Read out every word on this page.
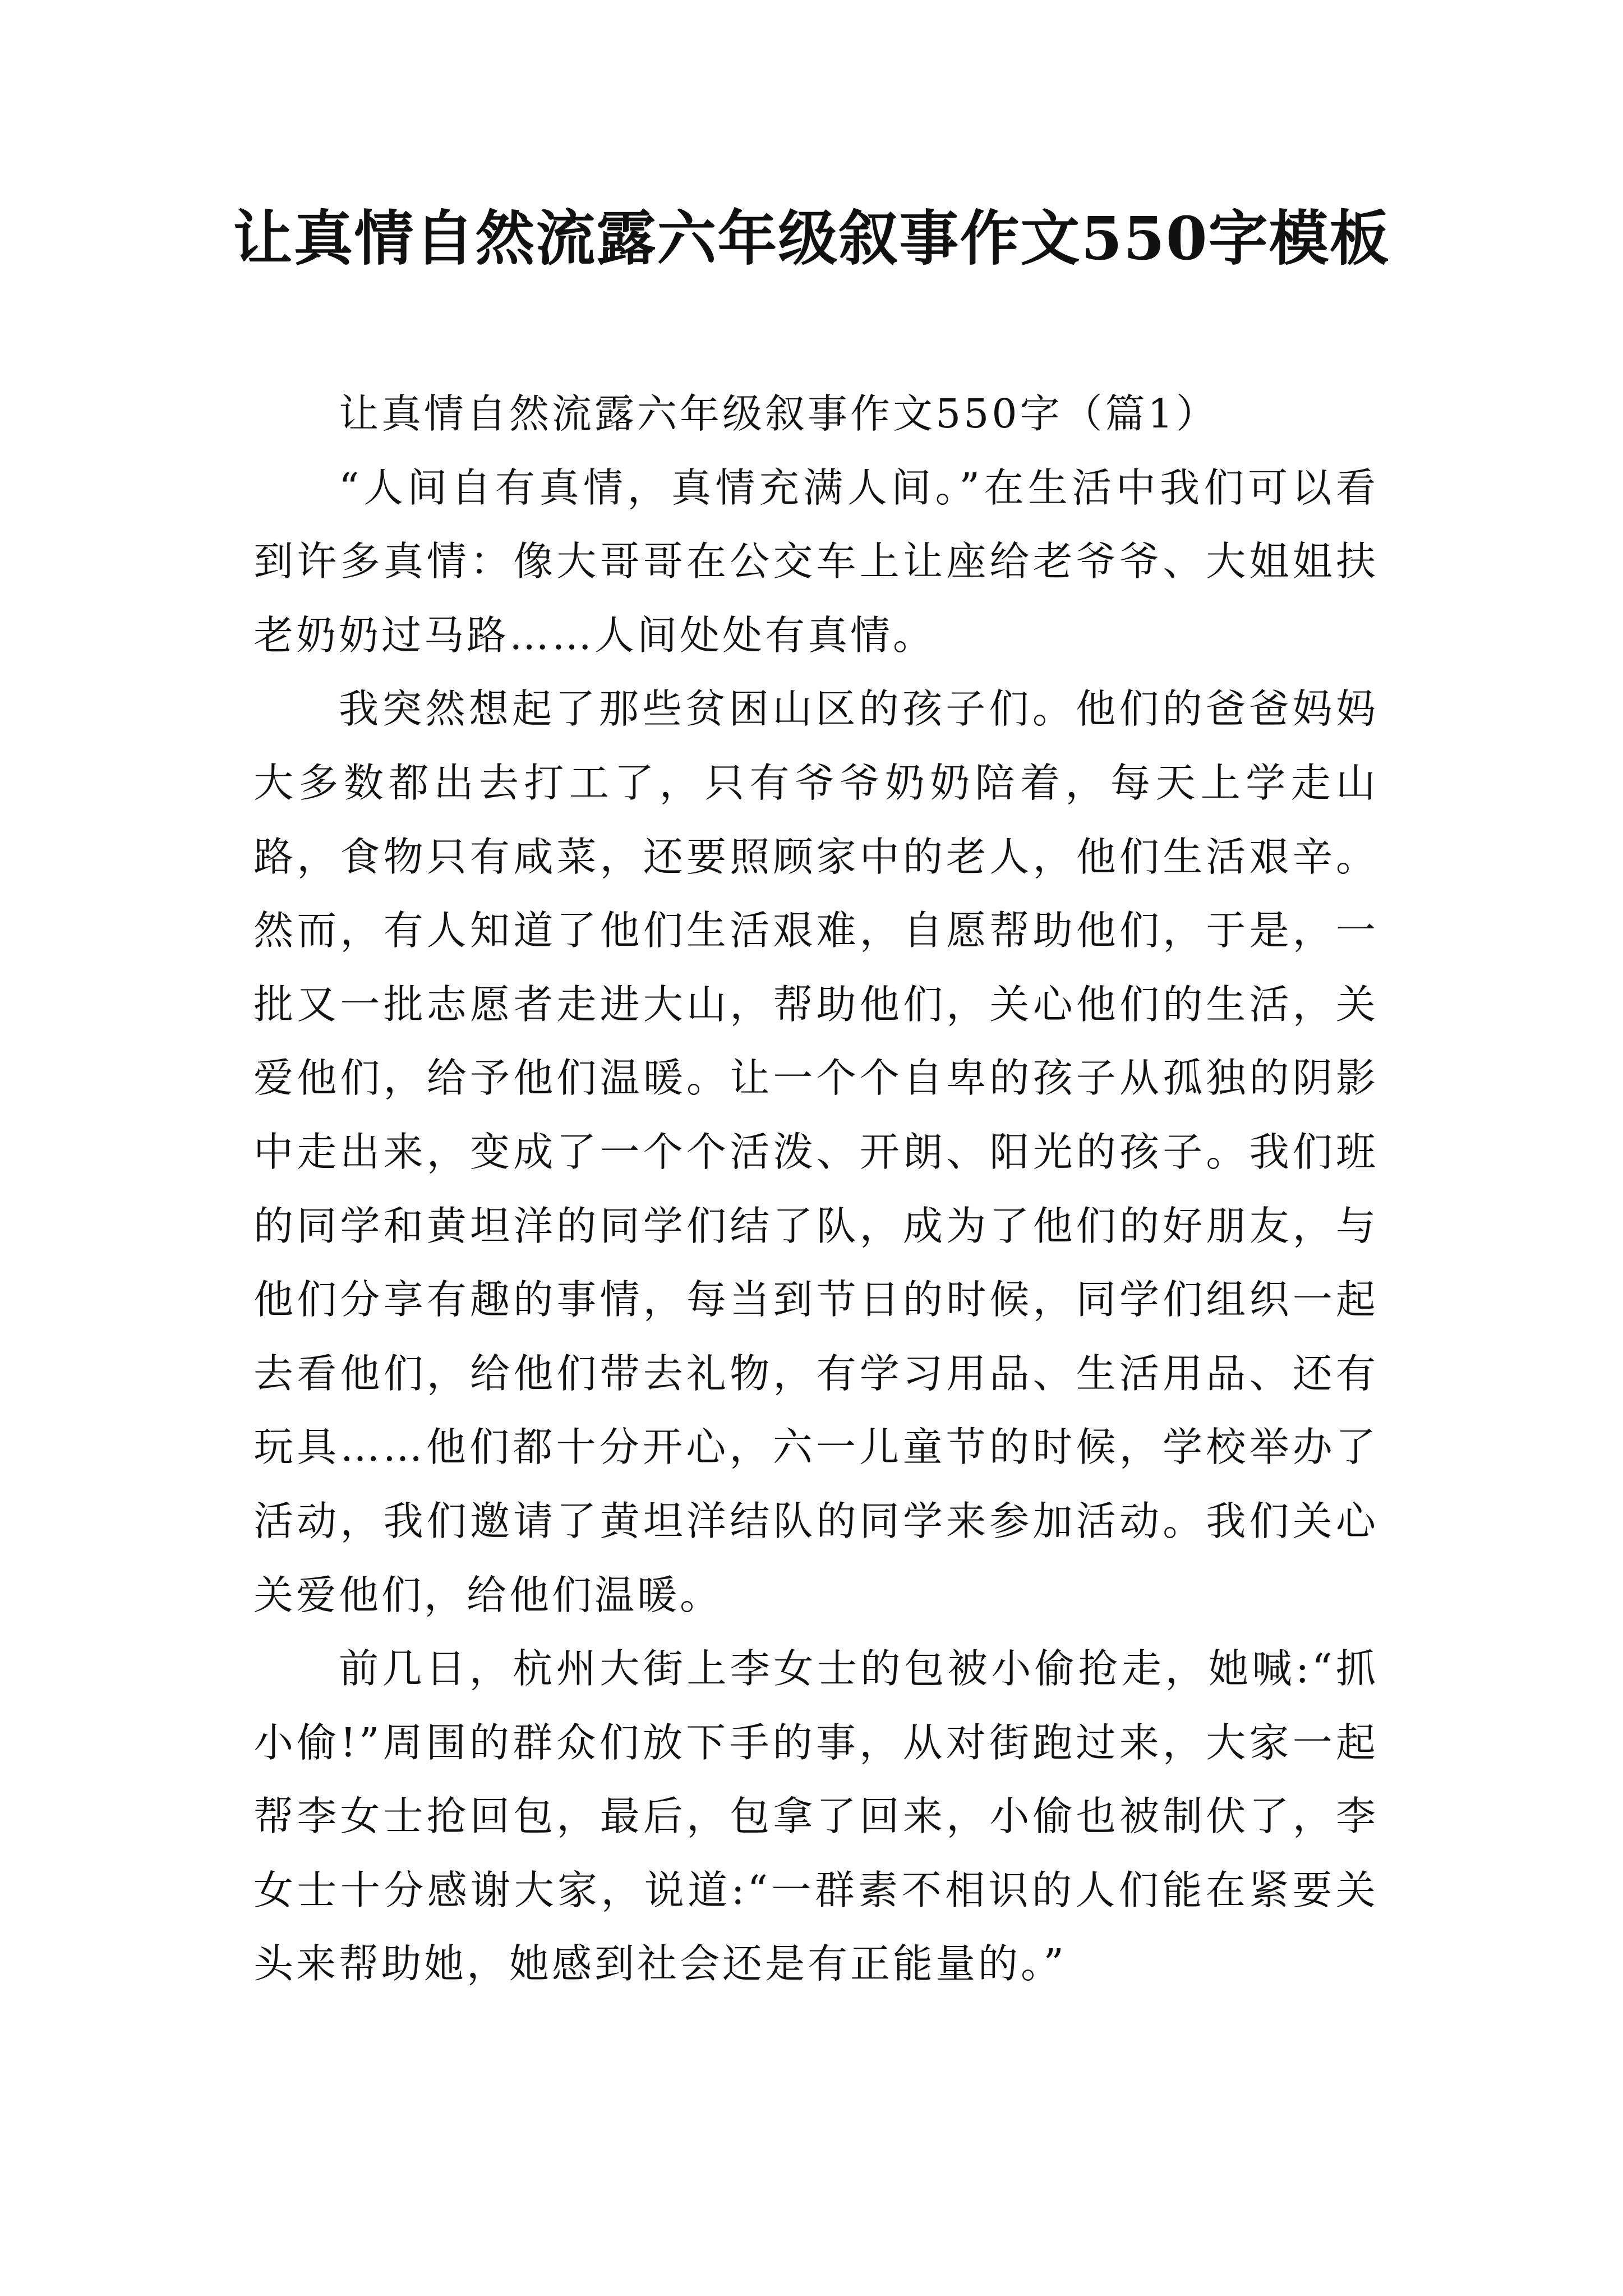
让真情自然流露六年级叙事作文550字模板

让真情自然流露六年级叙事作文550字（篇1）

“人间自有真情，真情充满人间。”在生活中我们可以看到许多真情：像大哥哥在公交车上让座给老爷爷、大姐姐扶老奶奶过马路……人间处处有真情。

我突然想起了那些贫困山区的孩子们。他们的爸爸妈妈大多数都出去打工了，只有爷爷奶奶陪着，每天上学走山路，食物只有咸菜，还要照顾家中的老人，他们生活艰辛。然而，有人知道了他们生活艰难，自愿帮助他们，于是，一批又一批志愿者走进大山，帮助他们，关心他们的生活，关爱他们，给予他们温暖。让一个个自卑的孩子从孤独的阴影中走出来，变成了一个个活泼、开朗、阳光的孩子。我们班的同学和黄坦洋的同学们结了队，成为了他们的好朋友，与他们分享有趣的事情，每当到节日的时候，同学们组织一起去看他们，给他们带去礼物，有学习用品、生活用品、还有玩具……他们都十分开心，六一儿童节的时候，学校举办了活动，我们邀请了黄坦洋结队的同学来参加活动。我们关心关爱他们，给他们温暖。

前几日，杭州大街上李女士的包被小偷抢走，她喊:“抓小偷!”周围的群众们放下手的事，从对街跑过来，大家一起帮李女士抢回包，最后，包拿了回来，小偷也被制伏了，李女士十分感谢大家，说道:“一群素不相识的人们能在紧要关头来帮助她，她感到社会还是有正能量的。”
